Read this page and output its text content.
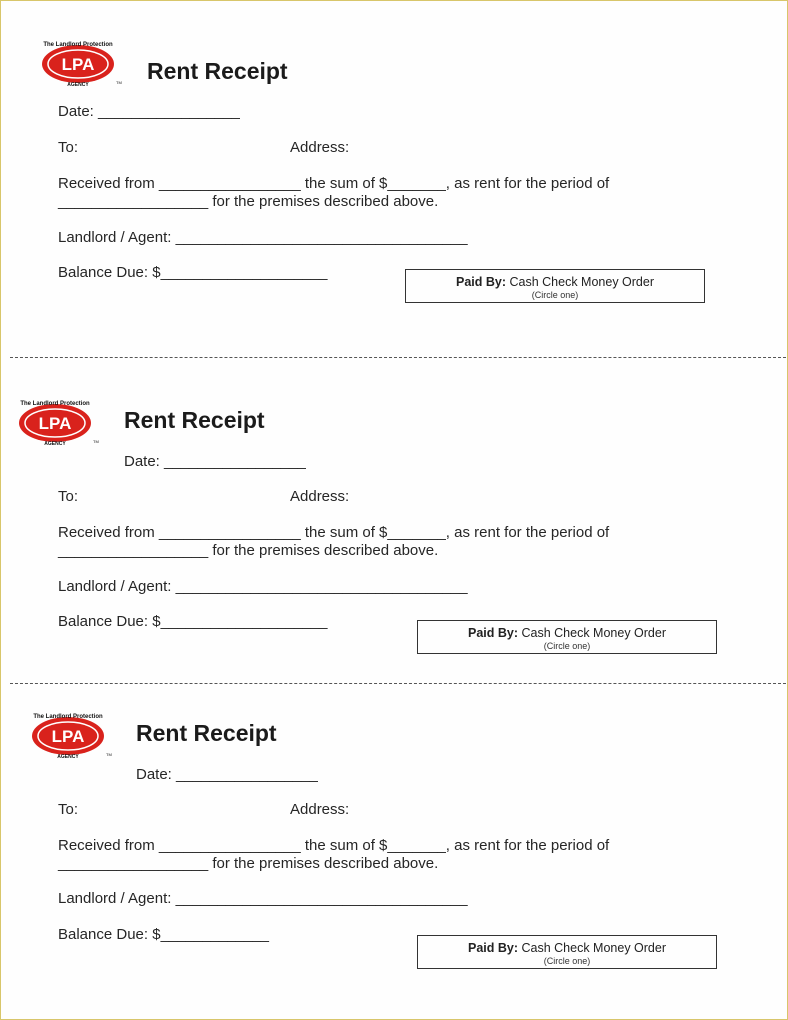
The Landlord Protection
LPA
AGENCY	TM Rent Receipt
Date: _________________
To:	Address:
Received from _________________ the sum of $_______, as rent for the period of
__________________ for the premises described above.
Landlord / Agent: ___________________________________
Balance Due: $____________________
Paid By: Cash Check Money Order
(Circle one)
The Landlord Protection
LPA
AGENCY	TM
Rent Receipt
Date: _________________
To:	Address:
Received from _________________ the sum of $_______, as rent for the period of
__________________ for the premises described above.
Landlord / Agent: ___________________________________
Balance Due: $____________________
Paid By: Cash Check Money Order
(Circle one)
The Landlord Protection
LPA
AGENCY	TM
Rent Receipt
Date: _________________
To:	Address:
Received from _________________ the sum of $_______, as rent for the period of
__________________ for the premises described above.
Landlord / Agent: ___________________________________
Balance Due: $_____________
Paid By: Cash Check Money Order
(Circle one)
